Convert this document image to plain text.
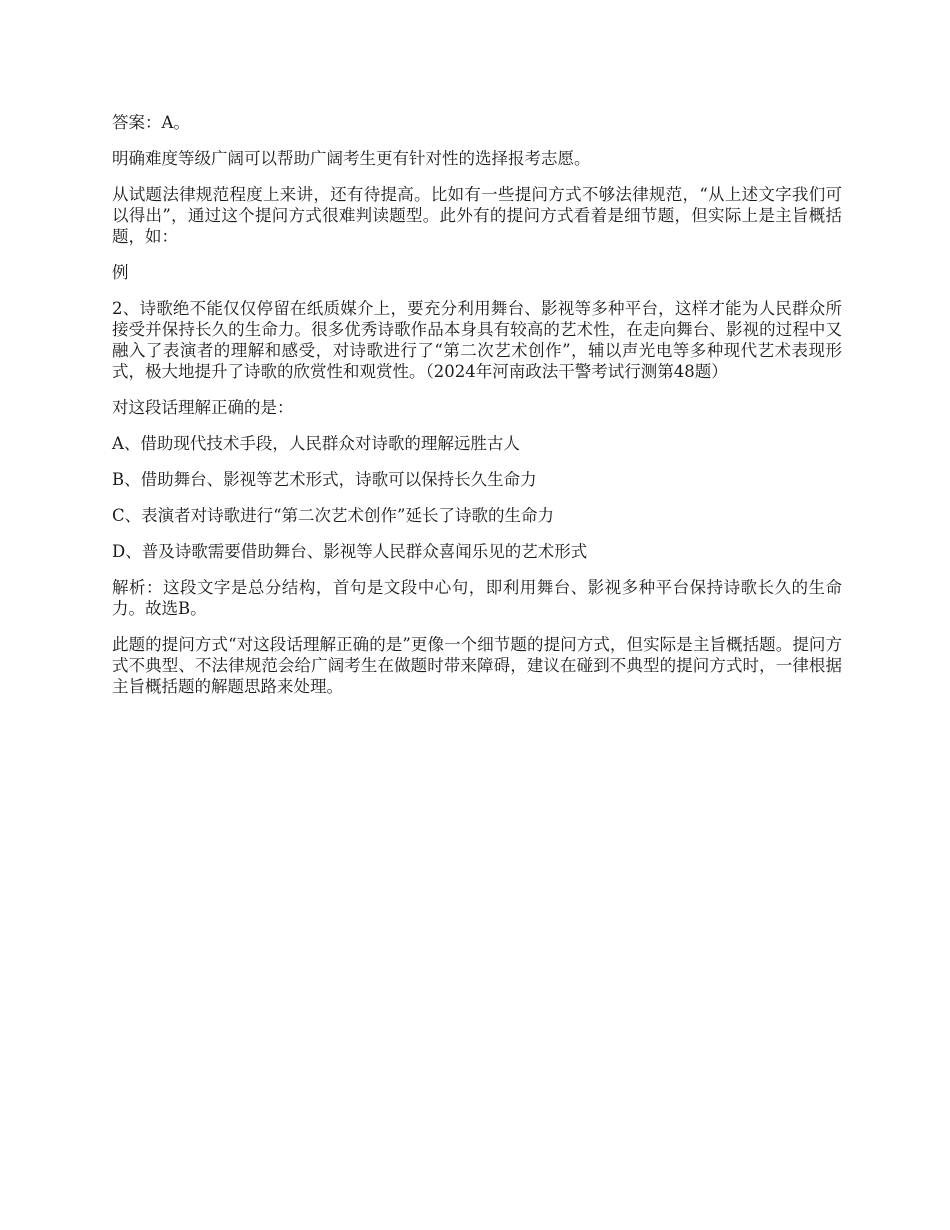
答案：A。

明确难度等级广阔可以帮助广阔考生更有针对性的选择报考志愿。

从试题法律规范程度上来讲，还有待提高。比如有一些提问方式不够法律规范，“从上述文字我们可以得出”，通过这个提问方式很难判读题型。此外有的提问方式看着是细节题，但实际上是主旨概括题，如：

例

2、诗歌绝不能仅仅停留在纸质媒介上，要充分利用舞台、影视等多种平台，这样才能为人民群众所接受并保持长久的生命力。很多优秀诗歌作品本身具有较高的艺术性，在走向舞台、影视的过程中又融入了表演者的理解和感受，对诗歌进行了“第二次艺术创作”，辅以声光电等多种现代艺术表现形式，极大地提升了诗歌的欣赏性和观赏性。（2024年河南政法干警考试行测第48题）

对这段话理解正确的是：

A、借助现代技术手段，人民群众对诗歌的理解远胜古人

B、借助舞台、影视等艺术形式，诗歌可以保持长久生命力

C、表演者对诗歌进行“第二次艺术创作”延长了诗歌的生命力

D、普及诗歌需要借助舞台、影视等人民群众喜闻乐见的艺术形式

解析：这段文字是总分结构，首句是文段中心句，即利用舞台、影视多种平台保持诗歌长久的生命力。故选B。

此题的提问方式“对这段话理解正确的是”更像一个细节题的提问方式，但实际是主旨概括题。提问方式不典型、不法律规范会给广阔考生在做题时带来障碍，建议在碰到不典型的提问方式时，一律根据主旨概括题的解题思路来处理。
